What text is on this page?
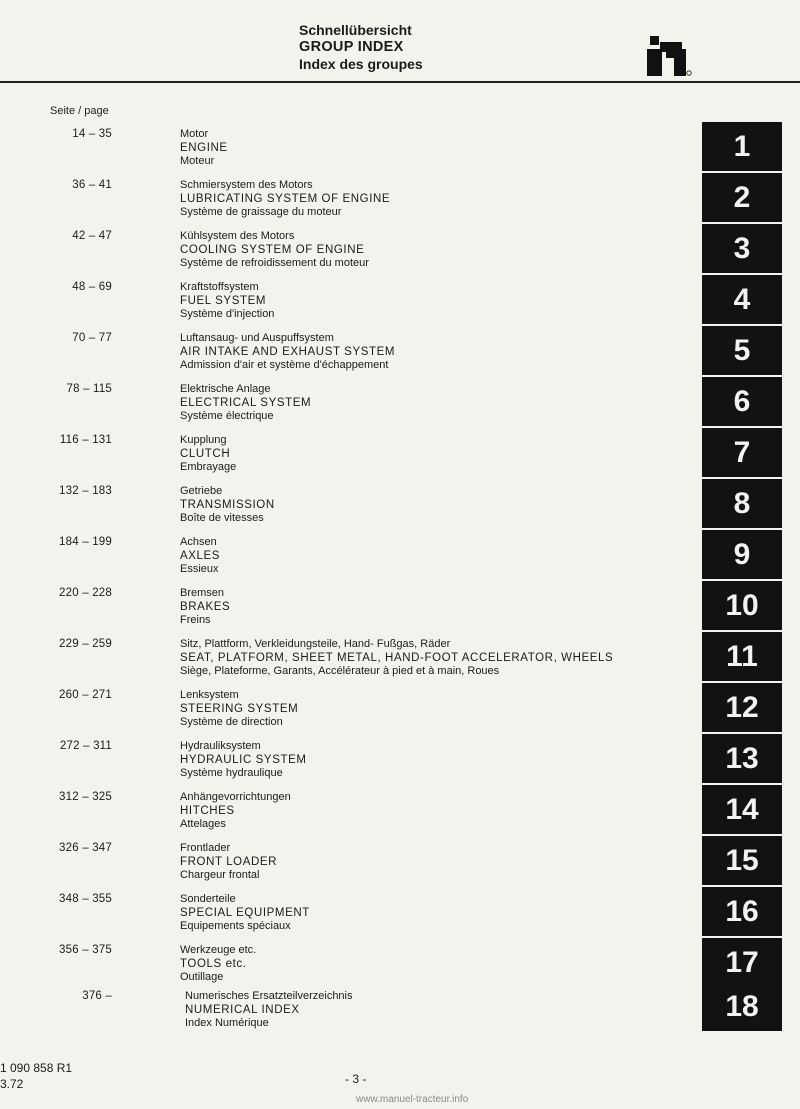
Schnellübersicht
GROUP INDEX
Index des groupes
Seite / page
14 – 35	Motor
ENGINE
Moteur	1
36 – 41	Schmiersystem des Motors
LUBRICATING SYSTEM OF ENGINE
Système de graissage du moteur	2
42 – 47	Kühlsystem des Motors
COOLING SYSTEM OF ENGINE
Système de refroidissement du moteur	3
48 – 69	Kraftstoffsystem
FUEL SYSTEM
Système d'injection	4
70 – 77	Luftansaug- und Auspuffsystem
AIR INTAKE AND EXHAUST SYSTEM
Admission d'air et système d'échappement	5
78 – 115	Elektrische Anlage
ELECTRICAL SYSTEM
Système électrique	6
116 – 131	Kupplung
CLUTCH
Embrayage	7
132 – 183	Getriebe
TRANSMISSION
Boîte de vitesses	8
184 – 199	Achsen
AXLES
Essieux	9
220 – 228	Bremsen
BRAKES
Freins	10
229 – 259	Sitz, Plattform, Verkleidungsteile, Hand- Fußgas, Räder
SEAT, PLATFORM, SHEET METAL, HAND-FOOT ACCELERATOR, WHEELS
Siège, Plateforme, Garants, Accélérateur à pied et à main, Roues	11
260 – 271	Lenksystem
STEERING SYSTEM
Système de direction	12
272 – 311	Hydrauliksystem
HYDRAULIC SYSTEM
Système hydraulique	13
312 – 325	Anhängevorrichtungen
HITCHES
Attelages	14
326 – 347	Frontlader
FRONT LOADER
Chargeur frontal	15
348 – 355	Sonderteile
SPECIAL EQUIPMENT
Equipements spéciaux	16
356 – 375	Werkzeuge etc.
TOOLS etc.
Outillage	17
376 –	Numerisches Ersatzteilverzeichnis
NUMERICAL INDEX
Index Numérique
18
1 090 858 R1
3.72	- 3 -
www.manuel-tracteur.info
